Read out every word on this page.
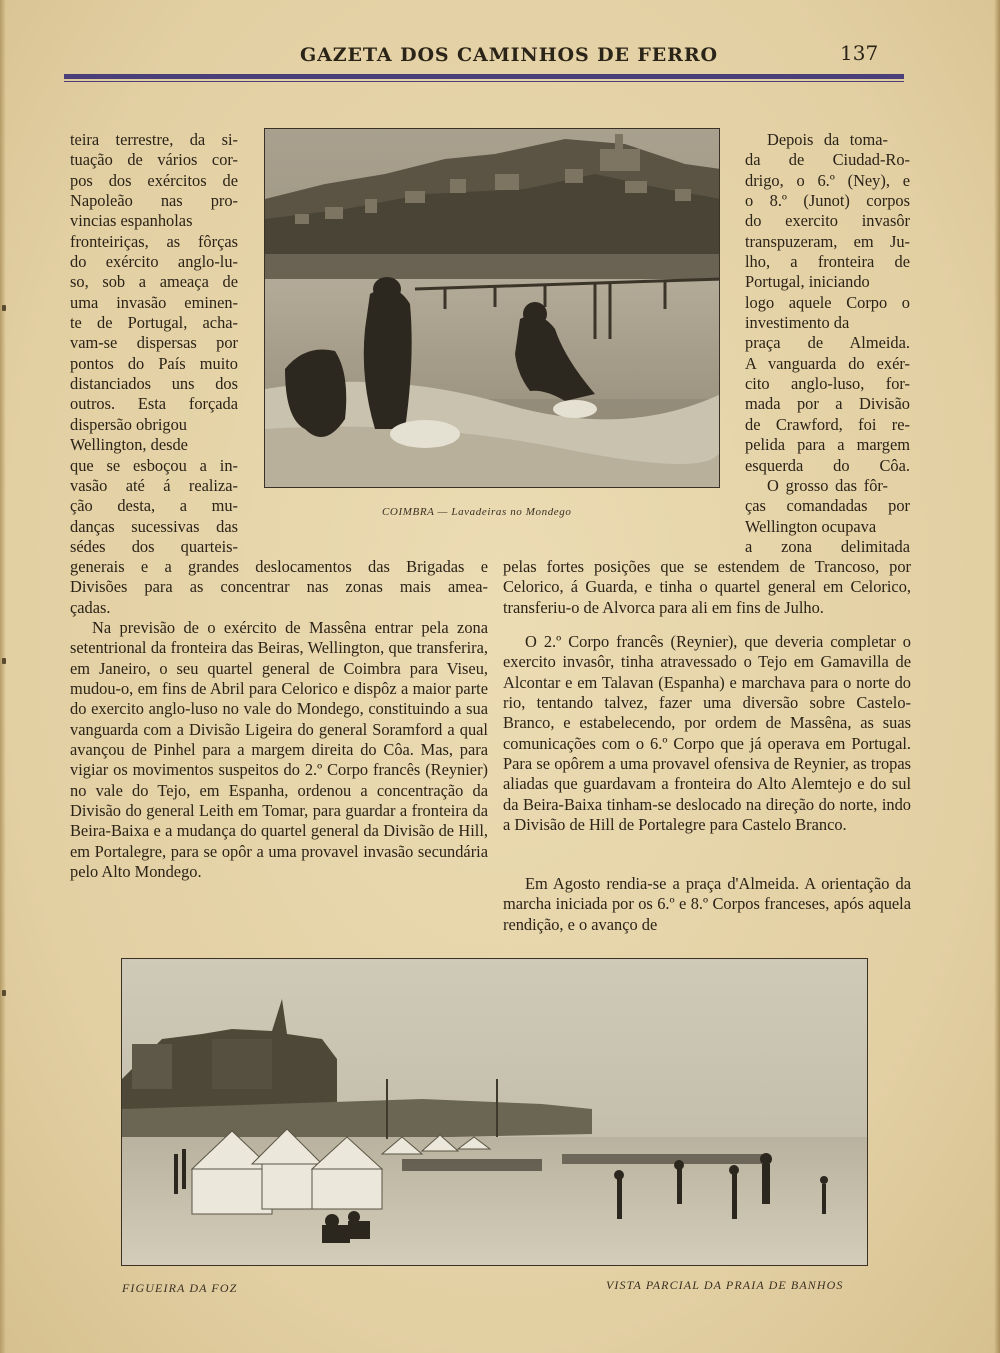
GAZETA DOS CAMINHOS DE FERRO	137

teira terrestre, da si-

tuação de vários cor-

pos dos exércitos de

Napoleão nas pro-

vincias espanholas

fronteiriças, as fôrças

do exército anglo-lu-

so, sob a ameaça de

uma invasão eminen-

te de Portugal, acha-

vam-se dispersas por

pontos do País muito

distanciados uns dos

outros. Esta forçada

dispersão obrigou

Wellington, desde

que se esboçou a in-

vasão até á realiza-

ção desta, a mu-

danças sucessivas das

sédes dos quarteis-

generais e a grandes deslocamentos das Brigadas e

Divisões para as concentrar nas zonas mais amea-

çadas.

Na previsão de o exército de Massêna entrar pela zona setentrional da fronteira das Beiras, Wellington, que transferira, em Janeiro, o seu quartel general de Coimbra para Viseu, mudou-o, em fins de Abril para Celorico e dispôz a maior parte do exercito anglo-luso no vale do Mondego, constituindo a sua vanguarda com a Divisão Ligeira do general Soramford a qual avançou de Pinhel para a margem direita do Côa. Mas, para vigiar os movimentos suspeitos do 2.º Corpo francês (Reynier) no vale do Tejo, em Espanha, ordenou a concentração da Divisão do general Leith em Tomar, para guardar a fronteira da Beira-Baixa e a mudança do quartel general da Divisão de Hill, em Portalegre, para se opôr a uma provavel invasão secundária pelo Alto Mondego.
COIMBRA — Lavadeiras no Mondego

Depois da toma-

da de Ciudad-Ro-

drigo, o 6.º (Ney), e

o 8.º (Junot) corpos

do exercito invasôr

transpuzeram, em Ju-

lho, a fronteira de

Portugal, iniciando

logo aquele Corpo o

investimento da

praça de Almeida.

A vanguarda do exér-

cito anglo-luso, for-

mada por a Divisão

de Crawford, foi re-

pelida para a margem

esquerda do Côa.

O grosso das fôr-

ças comandadas por

Wellington ocupava

a zona delimitada

pelas fortes posições que se estendem de Trancoso, por Celorico, á Guarda, e tinha o quartel general em Celorico, transferiu-o de Alvorca para ali em fins de Julho.
O 2.º Corpo francês (Reynier), que deveria completar o exercito invasôr, tinha atravessado o Tejo em Gamavilla de Alcontar e em Talavan (Espanha) e marchava para o norte do rio, tentando talvez, fazer uma diversão sobre Castelo-Branco, e estabelecendo, por ordem de Massêna, as suas comunicações com o 6.º Corpo que já operava em Portugal. Para se opôrem a uma provavel ofensiva de Reynier, as tropas aliadas que guardavam a fronteira do Alto Alemtejo e do sul da Beira-Baixa tinham-se deslocado na direção do norte, indo a Divisão de Hill de Portalegre para Castelo Branco.
Em Agosto rendia-se a praça d'Almeida. A orientação da marcha iniciada por os 6.º e 8.º Corpos franceses, após aquela rendição, e o avanço de
FIGUEIRA DA FOZ	VISTA PARCIAL DA PRAIA DE BANHOS
